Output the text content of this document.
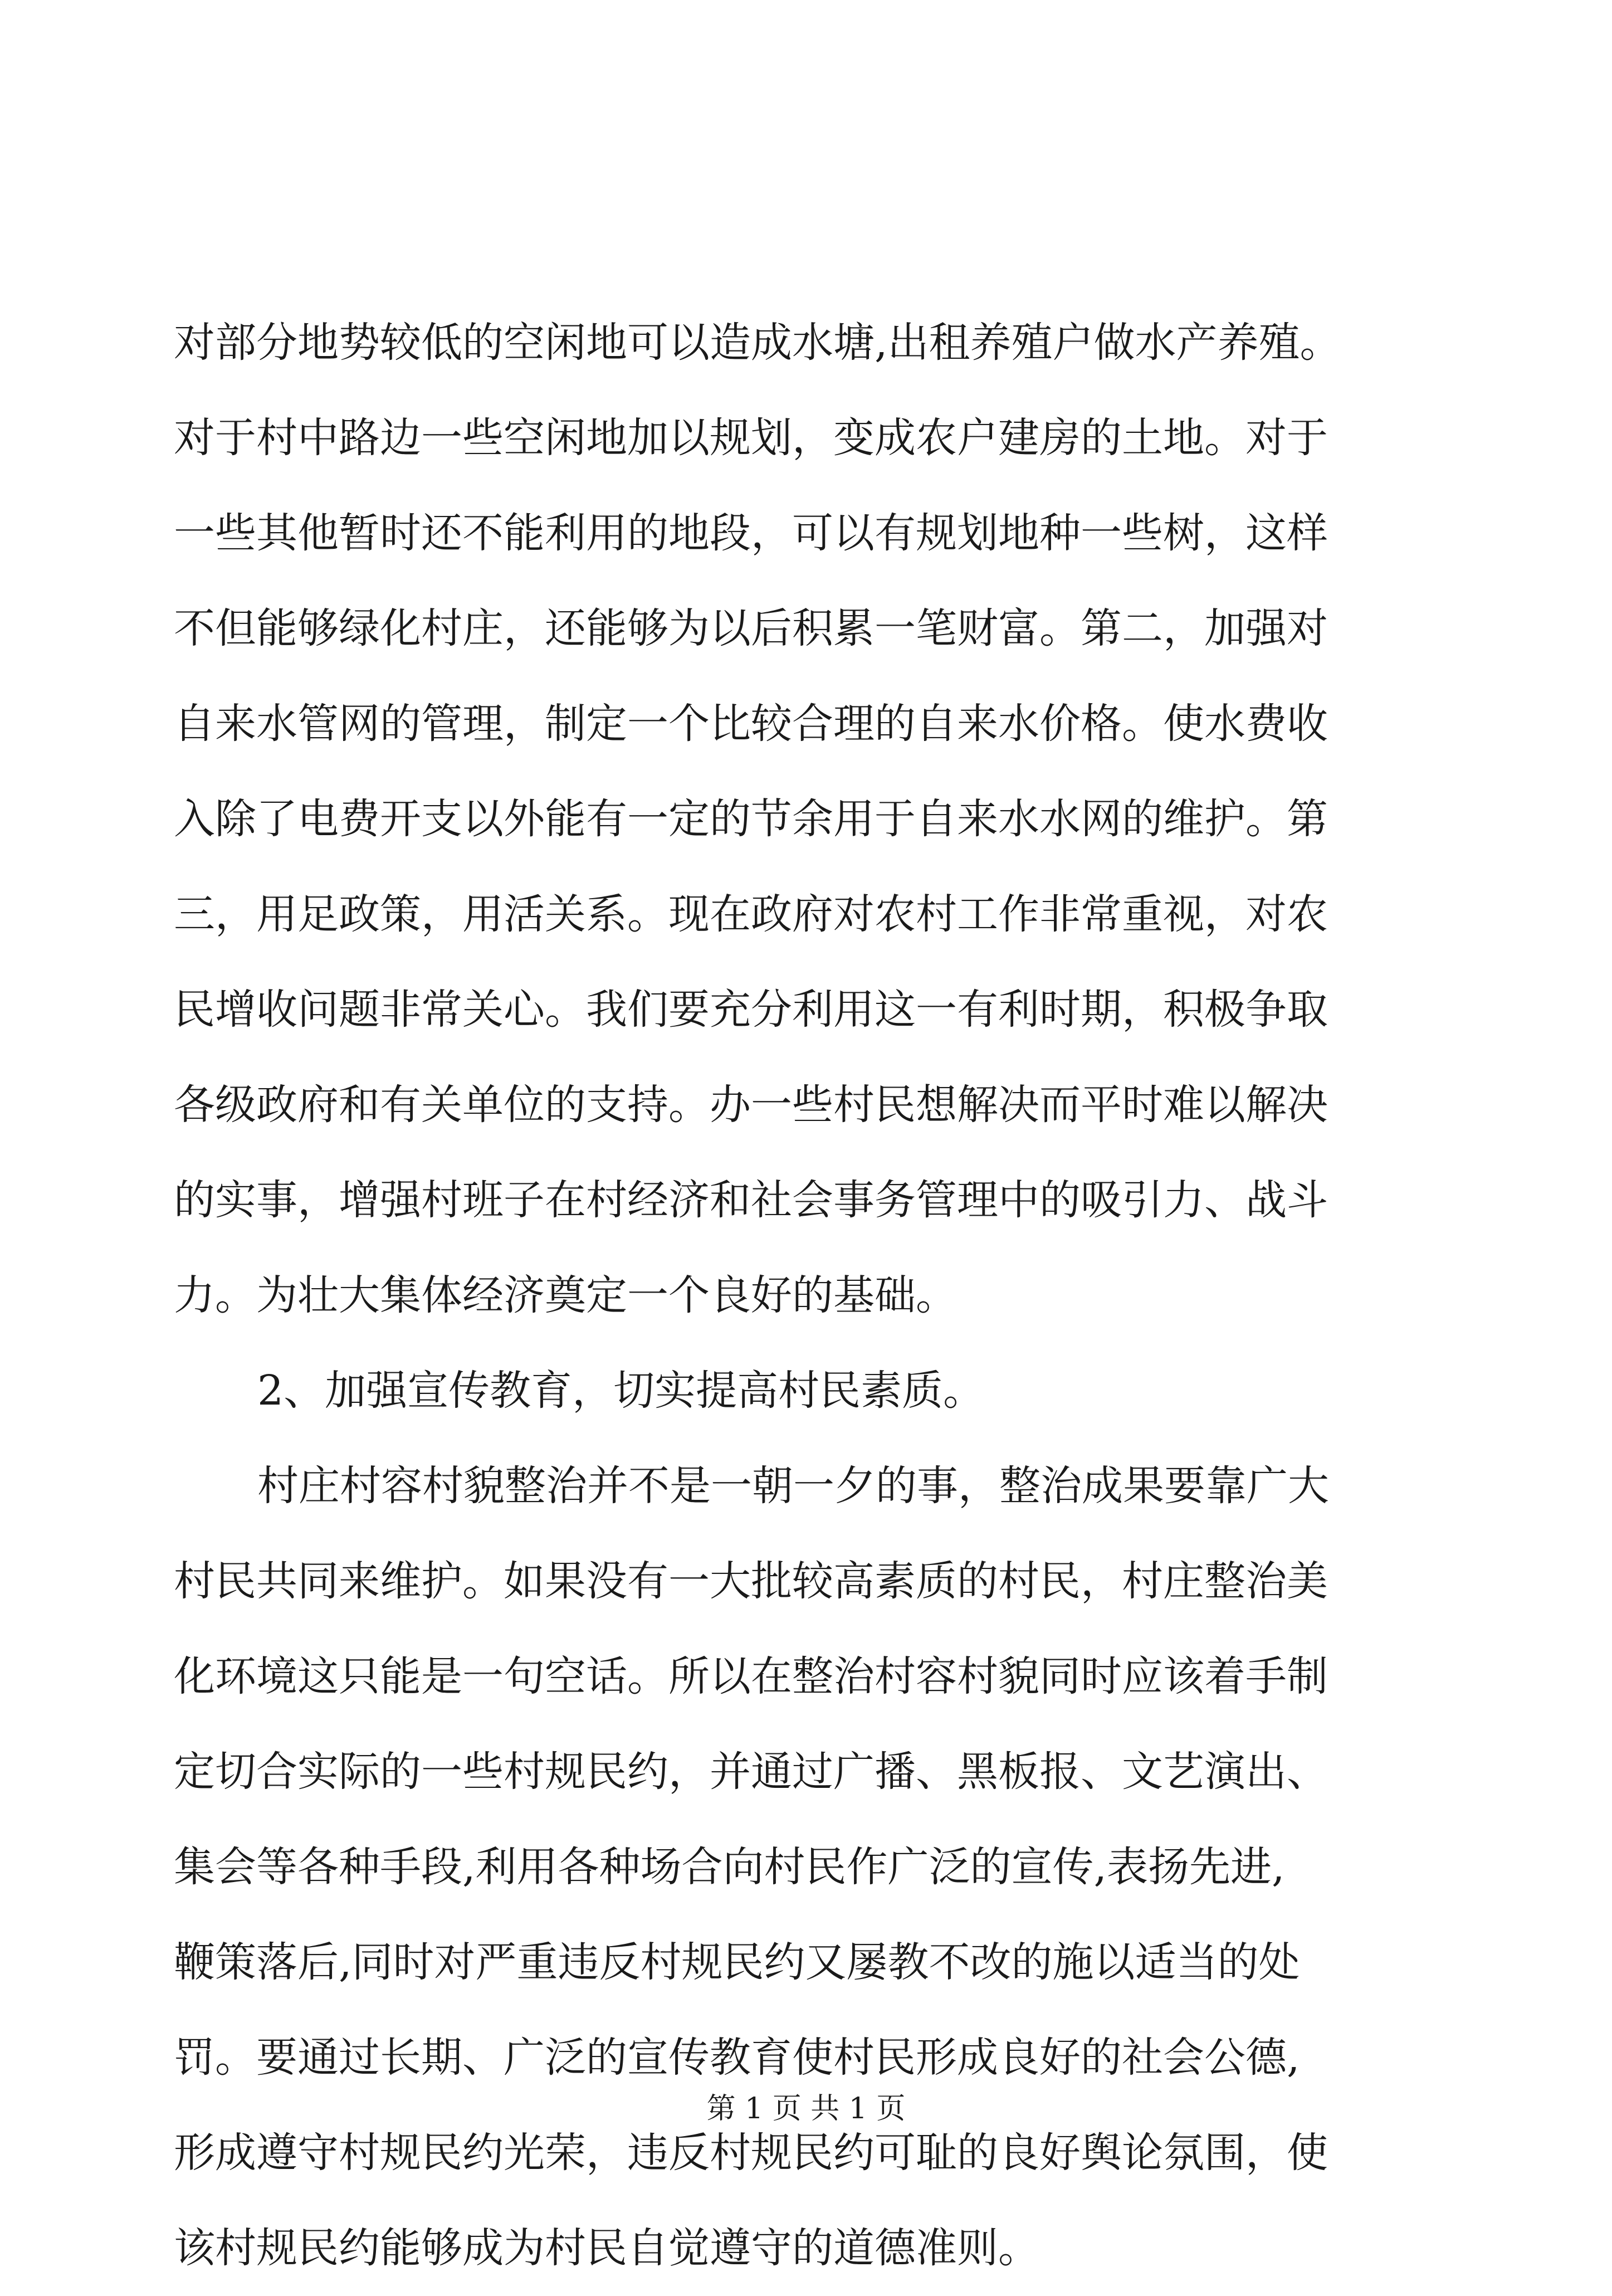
对部分地势较低的空闲地可以造成水塘,出租养殖户做水产养殖。
对于村中路边一些空闲地加以规划，变成农户建房的土地。对于
一些其他暂时还不能利用的地段，可以有规划地种一些树，这样
不但能够绿化村庄，还能够为以后积累一笔财富。第二，加强对
自来水管网的管理，制定一个比较合理的自来水价格。使水费收
入除了电费开支以外能有一定的节余用于自来水水网的维护。第
三，用足政策，用活关系。现在政府对农村工作非常重视，对农
民增收问题非常关心。我们要充分利用这一有利时期，积极争取
各级政府和有关单位的支持。办一些村民想解决而平时难以解决
的实事，增强村班子在村经济和社会事务管理中的吸引力、战斗
力。为壮大集体经济奠定一个良好的基础。
2、加强宣传教育，切实提高村民素质。
村庄村容村貌整治并不是一朝一夕的事，整治成果要靠广大
村民共同来维护。如果没有一大批较高素质的村民，村庄整治美
化环境这只能是一句空话。所以在整治村容村貌同时应该着手制
定切合实际的一些村规民约，并通过广播、黑板报、文艺演出、
集会等各种手段,利用各种场合向村民作广泛的宣传,表扬先进,
鞭策落后,同时对严重违反村规民约又屡教不改的施以适当的处
罚。要通过长期、广泛的宣传教育使村民形成良好的社会公德,
形成遵守村规民约光荣，违反村规民约可耻的良好舆论氛围，使
该村规民约能够成为村民自觉遵守的道德准则。
第 1 页 共 1 页
